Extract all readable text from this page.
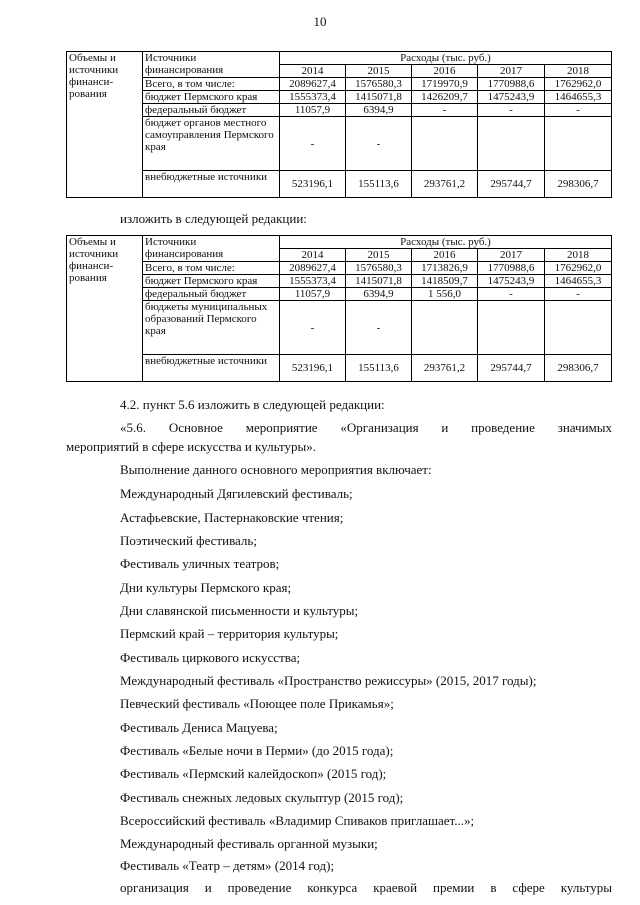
10
Объемы и источники финанси-рования	Источники финансирования	Расходы (тыс. руб.)				
		2014	2015	2016	2017	2018
	Всего, в том числе:	2089627,4	1576580,3	1719970,9	1770988,6	1762962,0
	бюджет Пермского края	1555373,4	1415071,8	1426209,7	1475243,9	1464655,3
	федеральный бюджет	11057,9	6394,9	-	-	-
	бюджет органов местного самоуправления Пермского края	-	-			
	внебюджетные источники	523196,1	155113,6	293761,2	295744,7	298306,7
изложить в следующей редакции:
Объемы и источники финанси-рования	Источники финансирования	Расходы (тыс. руб.)				
		2014	2015	2016	2017	2018
	Всего, в том числе:	2089627,4	1576580,3	1713826,9	1770988,6	1762962,0
	бюджет Пермского края	1555373,4	1415071,8	1418509,7	1475243,9	1464655,3
	федеральный бюджет	11057,9	6394,9	1 556,0	-	-
	бюджеты муниципальных образований Пермского края	-	-			
	внебюджетные источники	523196,1	155113,6	293761,2	295744,7	298306,7
4.2. пункт 5.6 изложить в следующей редакции:
«5.6. Основное мероприятие «Организация и проведение значимых
мероприятий в сфере искусства и культуры».
Выполнение данного основного мероприятия включает:
Международный Дягилевский фестиваль;
Астафьевские, Пастернаковские чтения;
Поэтический фестиваль;
Фестиваль уличных театров;
Дни культуры Пермского края;
Дни славянской письменности и культуры;
Пермский край – территория культуры;
Фестиваль циркового искусства;
Международный фестиваль «Пространство режиссуры» (2015, 2017 годы);
Певческий фестиваль «Поющее поле Прикамья»;
Фестиваль Дениса Мацуева;
Фестиваль «Белые ночи в Перми» (до 2015 года);
Фестиваль «Пермский калейдоскоп» (2015 год);
Фестиваль снежных ледовых скульптур (2015 год);
Всероссийский фестиваль «Владимир Спиваков приглашает...»;
Международный фестиваль органной музыки;
Фестиваль «Театр – детям» (2014 год);
организация и проведение конкурса краевой премии в сфере культуры
